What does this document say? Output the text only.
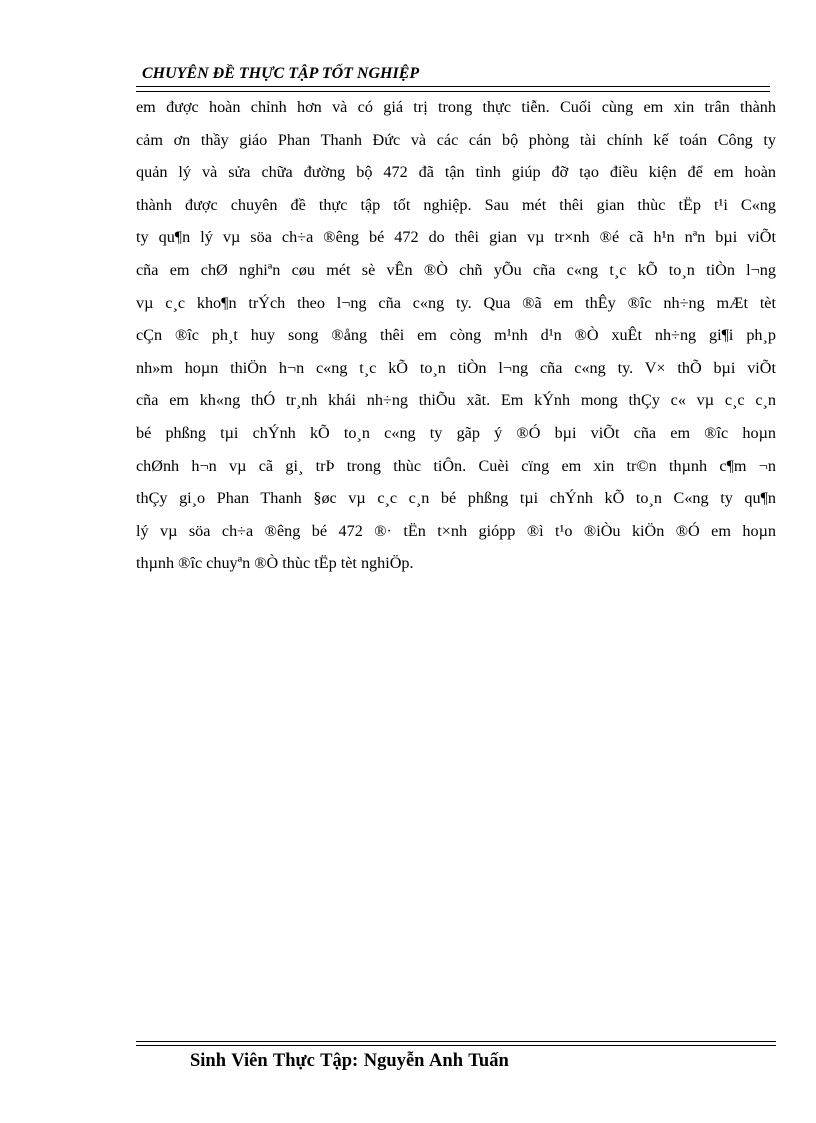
CHUYÊN ĐỀ THỰC TẬP TỐT NGHIỆP
em được hoàn chỉnh hơn và có giá trị trong thực tiễn. Cuối cùng em xin trân thành
cảm ơn thầy giáo Phan Thanh Đức và các cán bộ phòng tài chính kế toán Công ty
quản lý và sửa chữa đường bộ 472 đã tận tình giúp đỡ tạo điều kiện để em hoàn
thành được chuyên đề thực tập tốt nghiệp. Sau mét thêi gian thùc tËp t¹i C«ng
ty qu¶n lý vµ söa ch÷a ®êng bé 472 do thêi gian vµ tr×nh ®é cã h¹n nªn bµi viÕt
cña em chØ nghiªn cøu mét sè vÊn ®Ò chñ yÕu cña c«ng t¸c kÕ to¸n tiÒn l¬ng
vµ c¸c kho¶n trÝch theo l¬ng cña c«ng ty. Qua ®ã em thÊy ®îc nh÷ng mÆt tèt
cÇn ®îc ph¸t huy song ®ång thêi em còng m¹nh d¹n ®Ò xuÊt nh÷ng gi¶i ph¸p
nh»m hoµn thiÖn h¬n c«ng t¸c kÕ to¸n tiÒn l¬ng cña c«ng ty. V× thÕ bµi viÕt
cña em kh«ng thÓ tr¸nh khái nh÷ng thiÕu xãt. Em kÝnh mong thÇy c« vµ c¸c c¸n
bé phßng tµi chÝnh kÕ to¸n c«ng ty gãp ý ®Ó bµi viÕt cña em ®îc hoµn
chØnh h¬n vµ cã gi¸ trÞ trong thùc tiÔn. Cuèi cïng em xin tr©n thµnh c¶m ¬n
thÇy gi¸o Phan Thanh §øc vµ c¸c c¸n bé phßng tµi chÝnh kÕ to¸n C«ng ty qu¶n
lý vµ söa ch÷a ®êng bé 472 ®· tËn t×nh giópp ®ì t¹o ®iÒu kiÖn ®Ó em hoµn
thµnh ®îc chuyªn ®Ò thùc tËp tèt nghiÖp.
Sinh Viên Thực Tập: Nguyễn Anh Tuấn
